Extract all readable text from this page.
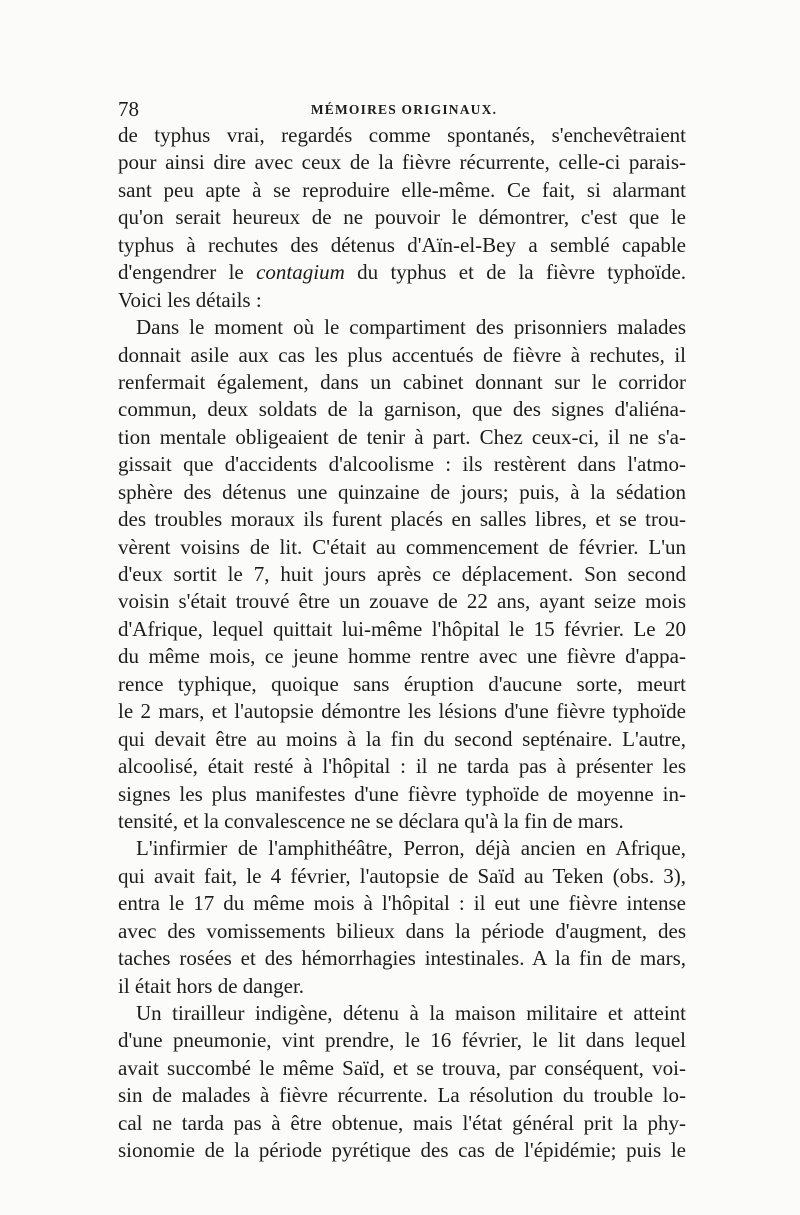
78	MÉMOIRES ORIGINAUX.
de typhus vrai, regardés comme spontanés, s'enchevêtraient
pour ainsi dire avec ceux de la fièvre récurrente, celle-ci parais-
sant peu apte à se reproduire elle-même. Ce fait, si alarmant
qu'on serait heureux de ne pouvoir le démontrer, c'est que le
typhus à rechutes des détenus d'Aïn-el-Bey a semblé capable
d'engendrer le contagium du typhus et de la fièvre typhoïde.
Voici les détails :
Dans le moment où le compartiment des prisonniers malades
donnait asile aux cas les plus accentués de fièvre à rechutes, il
renfermait également, dans un cabinet donnant sur le corridor
commun, deux soldats de la garnison, que des signes d'aliéna-
tion mentale obligeaient de tenir à part. Chez ceux-ci, il ne s'a-
gissait que d'accidents d'alcoolisme : ils restèrent dans l'atmo-
sphère des détenus une quinzaine de jours; puis, à la sédation
des troubles moraux ils furent placés en salles libres, et se trou-
vèrent voisins de lit. C'était au commencement de février. L'un
d'eux sortit le 7, huit jours après ce déplacement. Son second
voisin s'était trouvé être un zouave de 22 ans, ayant seize mois
d'Afrique, lequel quittait lui-même l'hôpital le 15 février. Le 20
du même mois, ce jeune homme rentre avec une fièvre d'appa-
rence typhique, quoique sans éruption d'aucune sorte, meurt
le 2 mars, et l'autopsie démontre les lésions d'une fièvre typhoïde
qui devait être au moins à la fin du second septénaire. L'autre,
alcoolisé, était resté à l'hôpital : il ne tarda pas à présenter les
signes les plus manifestes d'une fièvre typhoïde de moyenne in-
tensité, et la convalescence ne se déclara qu'à la fin de mars.
L'infirmier de l'amphithéâtre, Perron, déjà ancien en Afrique,
qui avait fait, le 4 février, l'autopsie de Saïd au Teken (obs. 3),
entra le 17 du même mois à l'hôpital : il eut une fièvre intense
avec des vomissements bilieux dans la période d'augment, des
taches rosées et des hémorrhagies intestinales. A la fin de mars,
il était hors de danger.
Un tirailleur indigène, détenu à la maison militaire et atteint
d'une pneumonie, vint prendre, le 16 février, le lit dans lequel
avait succombé le même Saïd, et se trouva, par conséquent, voi-
sin de malades à fièvre récurrente. La résolution du trouble lo-
cal ne tarda pas à être obtenue, mais l'état général prit la phy-
sionomie de la période pyrétique des cas de l'épidémie; puis le
